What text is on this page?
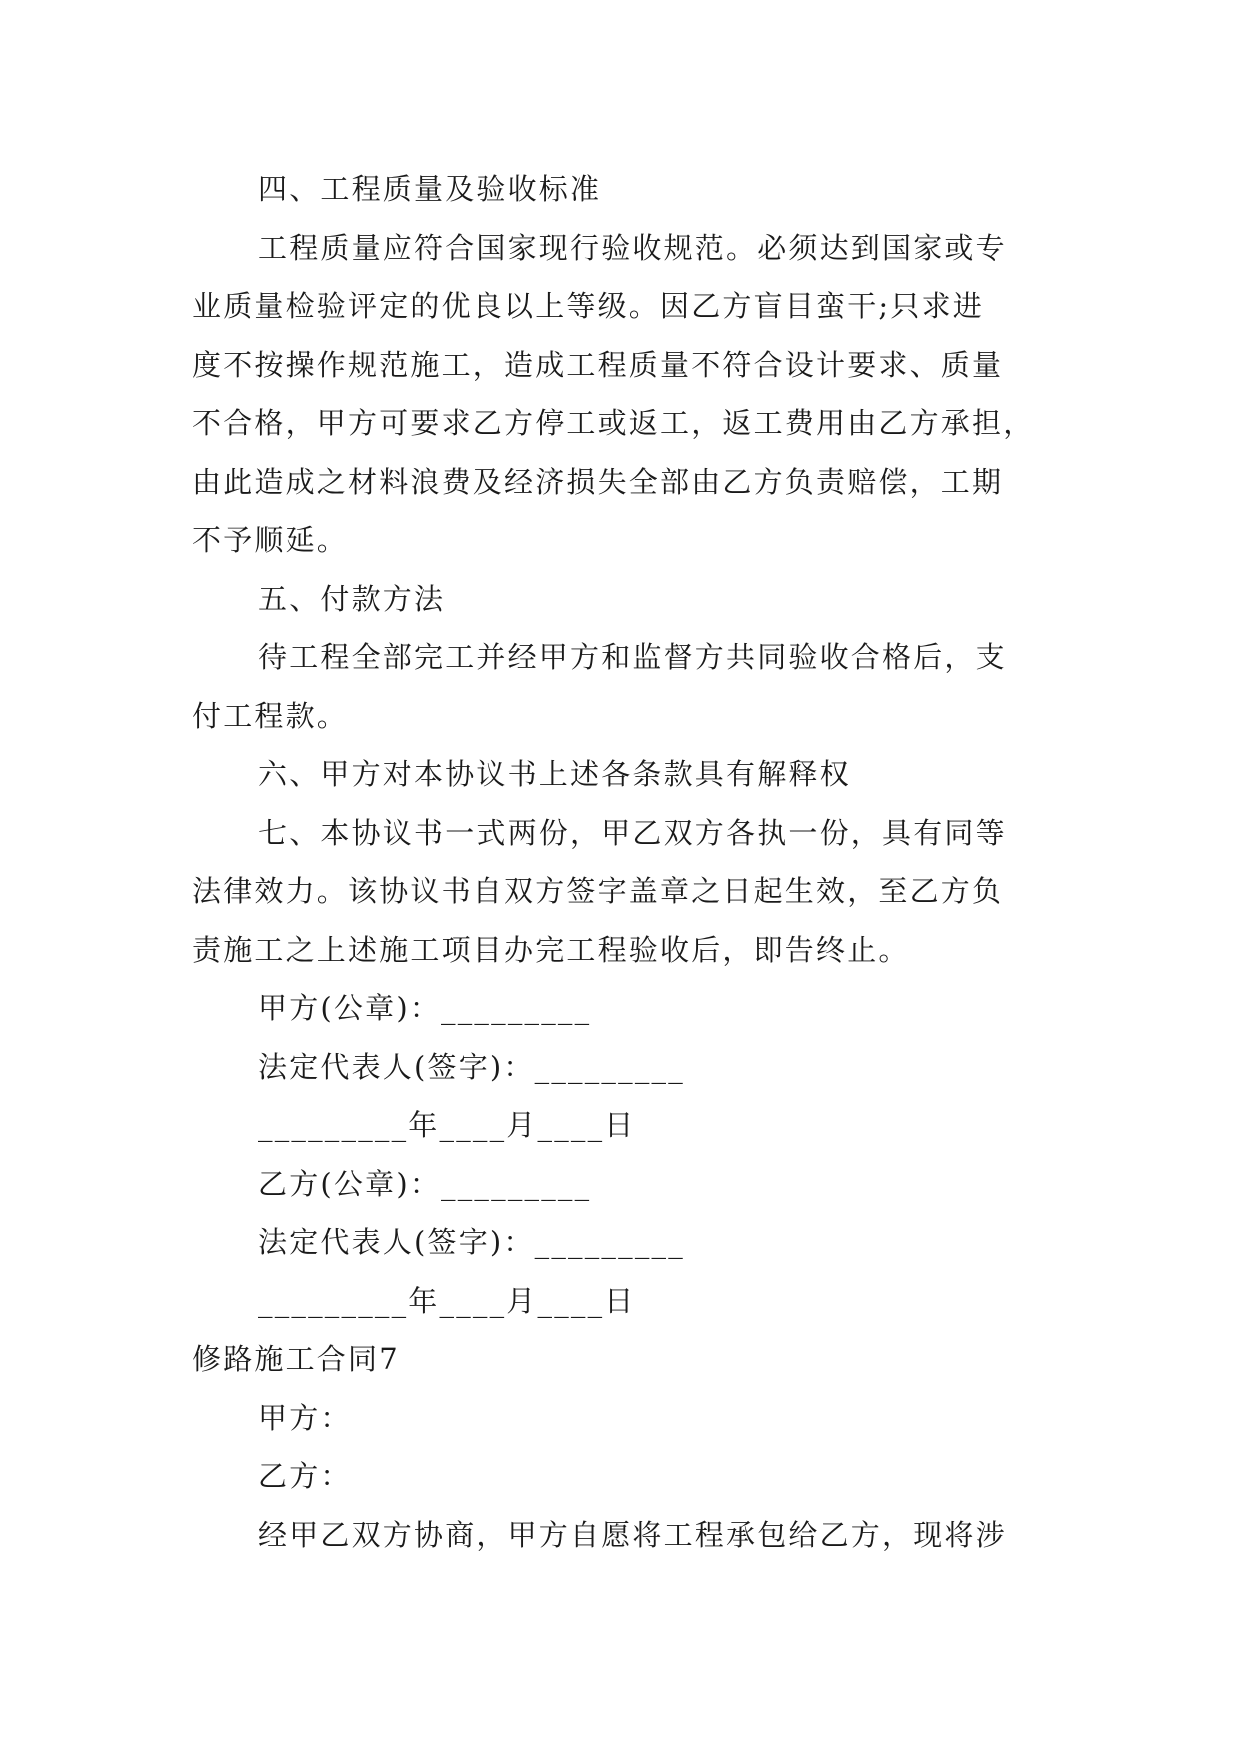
四、工程质量及验收标准
工程质量应符合国家现行验收规范。必须达到国家或专
业质量检验评定的优良以上等级。因乙方盲目蛮干;只求进
度不按操作规范施工，造成工程质量不符合设计要求、质量
不合格，甲方可要求乙方停工或返工，返工费用由乙方承担，
由此造成之材料浪费及经济损失全部由乙方负责赔偿，工期
不予顺延。
五、付款方法
待工程全部完工并经甲方和监督方共同验收合格后，支
付工程款。
六、甲方对本协议书上述各条款具有解释权
七、本协议书一式两份，甲乙双方各执一份，具有同等
法律效力。该协议书自双方签字盖章之日起生效，至乙方负
责施工之上述施工项目办完工程验收后，即告终止。
甲方(公章)：_________
法定代表人(签字)：_________
_________年____月____日
乙方(公章)：_________
法定代表人(签字)：_________
_________年____月____日
修路施工合同7
甲方：
乙方：
经甲乙双方协商，甲方自愿将工程承包给乙方，现将涉
